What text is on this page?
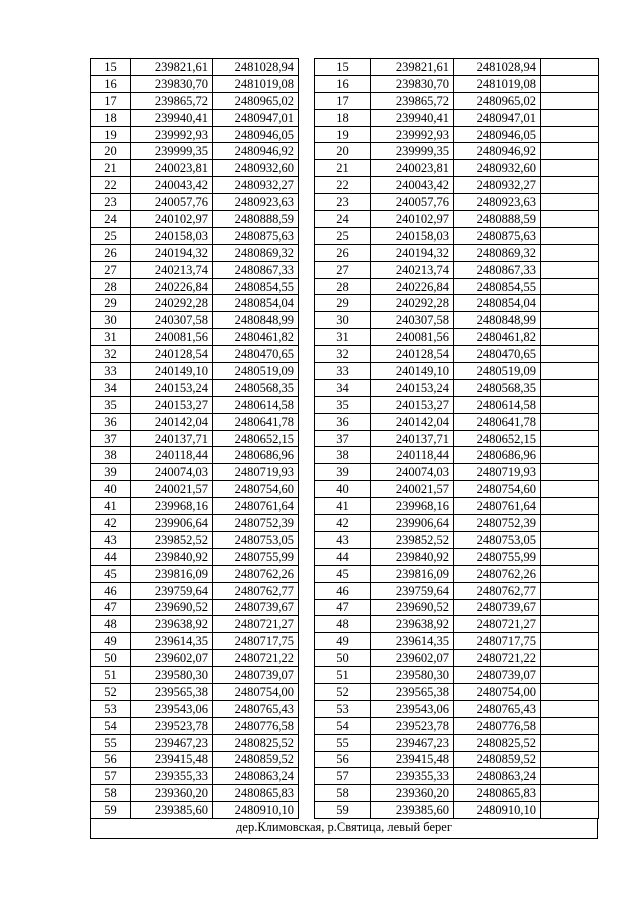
15	239821,61	2481028,94		15	239821,61	2481028,94	
16	239830,70	2481019,08		16	239830,70	2481019,08	
17	239865,72	2480965,02		17	239865,72	2480965,02	
18	239940,41	2480947,01		18	239940,41	2480947,01	
19	239992,93	2480946,05		19	239992,93	2480946,05	
20	239999,35	2480946,92		20	239999,35	2480946,92	
21	240023,81	2480932,60		21	240023,81	2480932,60	
22	240043,42	2480932,27		22	240043,42	2480932,27	
23	240057,76	2480923,63		23	240057,76	2480923,63	
24	240102,97	2480888,59		24	240102,97	2480888,59	
25	240158,03	2480875,63		25	240158,03	2480875,63	
26	240194,32	2480869,32		26	240194,32	2480869,32	
27	240213,74	2480867,33		27	240213,74	2480867,33	
28	240226,84	2480854,55		28	240226,84	2480854,55	
29	240292,28	2480854,04		29	240292,28	2480854,04	
30	240307,58	2480848,99		30	240307,58	2480848,99	
31	240081,56	2480461,82		31	240081,56	2480461,82	
32	240128,54	2480470,65		32	240128,54	2480470,65	
33	240149,10	2480519,09		33	240149,10	2480519,09	
34	240153,24	2480568,35		34	240153,24	2480568,35	
35	240153,27	2480614,58		35	240153,27	2480614,58	
36	240142,04	2480641,78		36	240142,04	2480641,78	
37	240137,71	2480652,15		37	240137,71	2480652,15	
38	240118,44	2480686,96		38	240118,44	2480686,96	
39	240074,03	2480719,93		39	240074,03	2480719,93	
40	240021,57	2480754,60		40	240021,57	2480754,60	
41	239968,16	2480761,64		41	239968,16	2480761,64	
42	239906,64	2480752,39		42	239906,64	2480752,39	
43	239852,52	2480753,05		43	239852,52	2480753,05	
44	239840,92	2480755,99		44	239840,92	2480755,99	
45	239816,09	2480762,26		45	239816,09	2480762,26	
46	239759,64	2480762,77		46	239759,64	2480762,77	
47	239690,52	2480739,67		47	239690,52	2480739,67	
48	239638,92	2480721,27		48	239638,92	2480721,27	
49	239614,35	2480717,75		49	239614,35	2480717,75	
50	239602,07	2480721,22		50	239602,07	2480721,22	
51	239580,30	2480739,07		51	239580,30	2480739,07	
52	239565,38	2480754,00		52	239565,38	2480754,00	
53	239543,06	2480765,43		53	239543,06	2480765,43	
54	239523,78	2480776,58		54	239523,78	2480776,58	
55	239467,23	2480825,52		55	239467,23	2480825,52	
56	239415,48	2480859,52		56	239415,48	2480859,52	
57	239355,33	2480863,24		57	239355,33	2480863,24	
58	239360,20	2480865,83		58	239360,20	2480865,83	
59	239385,60	2480910,10		59	239385,60	2480910,10	
дер.Климовская, р.Святица, левый берег
